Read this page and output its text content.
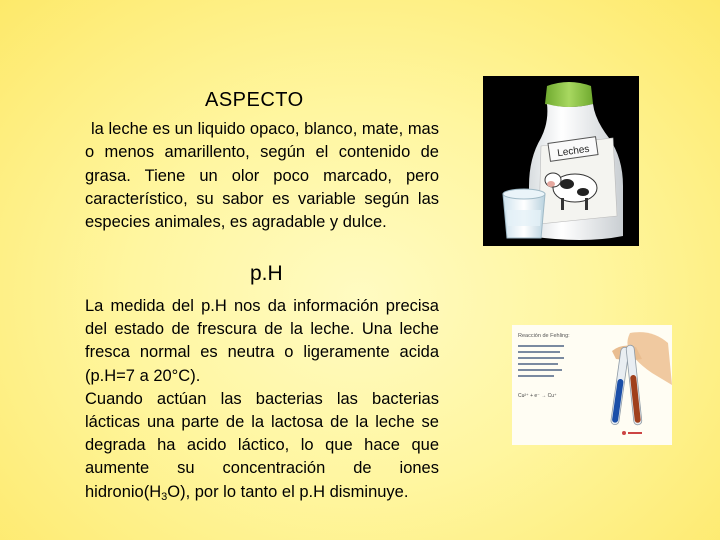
ASPECTO
la leche es un liquido opaco, blanco, mate, mas o menos amarillento, según el contenido de grasa. Tiene un olor poco marcado, pero característico, su sabor es variable según las especies animales, es agradable y dulce.
p.H

La medida del p.H nos da información precisa del estado de frescura de la leche. Una leche fresca normal es neutra o ligeramente acida (p.H=7 a 20°C).

Cuando actúan las bacterias las bacterias lácticas una parte de la lactosa de la leche se degrada ha acido láctico, lo que hace que aumente su concentración de iones $hidronio(H_3O)$, por lo tanto el p.H disminuye.

Leches
Reacción de Fehling:
Cu²⁺ + e⁻ → Cu⁺
